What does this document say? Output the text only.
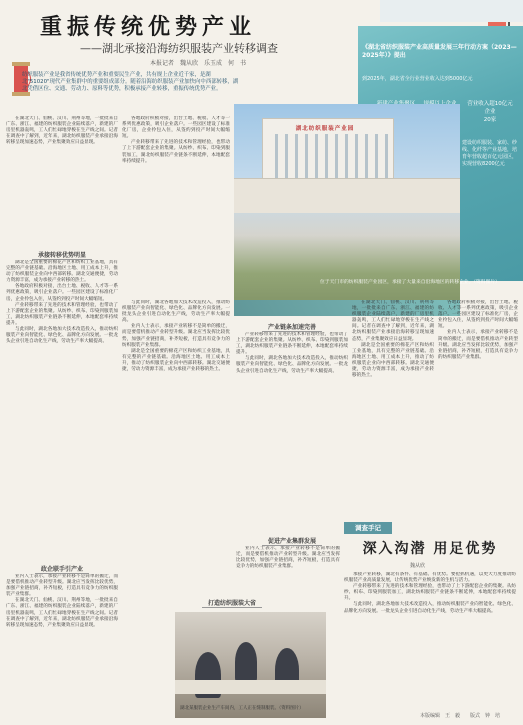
重振传统优势产业
——湖北承接沿海纺织服装产业转移调查
本报记者　魏从欣　乐玉成　何　书
纺织服装产业是我省传统优势产业和重要民生产业，共有规上企业近千家，是湖北"51020"现代产业集群中的重要组成部分。随着沿海纺织服装产业加快向中西部转移，湖北凭借区位、交通、劳动力、原料等优势，积极承接产业转移，重振传统优势产业。
《湖北省纺织服装产业高质量发展三年行动方案（2023—2025年）》提出
到2025年，湖北省全行业营业收入达到5000亿元
营业收入超10亿元企业
20家
建设纺织服装、家纺、纱线、化纤等产业基地，培育年营收超百亿元园区，实现营收8200亿元
湖北纺织服装产业园
位于天门市的纺织服装产业园区，承接了大量来自沿海地区的转移企业。（资料图片）

在湖北天门、仙桃、汉川、荆州等地，一批批来自广东、浙江、福建的纺织服装企业陆续落户，新建的厂房里机器轰鸣，工人们忙碌地穿梭在生产线之间。记者在调查中了解到，近年来，湖北纺织服装产业承接沿海转移呈现加速态势，产业集聚效应日益显现。

承接转移优势明显

湖北是全国重要的棉花产区和纺织工业基地，具有完整的产业链基础。沿海地区土地、用工成本上升，推动了纺织服装企业向中西部转移。湖北交通便捷，劳动力资源丰富，成为承接产业转移的热土。

各地政府积极对接，出台土地、税收、人才等一系列优惠政策，吸引企业落户。一些园区建设了标准化厂房，企业拎包入住，从签约到投产时间大幅缩短。

产业转移带来了先进的技术和管理经验，也带动了上下游配套企业的集聚。从纺纱、织布、印染到服装加工，湖北纺织服装产业链条不断延伸，本地配套率持续提升。

与此同时，湖北各地加大技术改造投入，推动纺织服装产业向智能化、绿色化、品牌化方向发展。一批龙头企业引进自动化生产线，劳动生产率大幅提高。

政企联手引产业

业内人士表示，承接产业转移不是简单的搬迁，而是要借机推动产业转型升级。湖北应当发挥比较优势，加强产业链招商，补齐短板，打造具有竞争力的纺织服装产业集群。

在湖北天门、仙桃、汉川、荆州等地，一批批来自广东、浙江、福建的纺织服装企业陆续落户，新建的厂房里机器轰鸣，工人们忙碌地穿梭在生产线之间。记者在调查中了解到，近年来，湖北纺织服装产业承接沿海转移呈现加速态势，产业集聚效应日益显现。

各地政府积极对接，出台土地、税收、人才等一系列优惠政策，吸引企业落户。一些园区建设了标准化厂房，企业拎包入住，从签约到投产时间大幅缩短。

产业转移带来了先进的技术和管理经验，也带动了上下游配套企业的集聚。从纺纱、织布、印染到服装加工，湖北纺织服装产业链条不断延伸，本地配套率持续提升。

与此同时，湖北各地加大技术改造投入，推动纺织服装产业向智能化、绿色化、品牌化方向发展。一批龙头企业引进自动化生产线，劳动生产率大幅提高。

业内人士表示，承接产业转移不是简单的搬迁，而是要借机推动产业转型升级。湖北应当发挥比较优势，加强产业链招商，补齐短板，打造具有竞争力的纺织服装产业集群。

湖北是全国重要的棉花产区和纺织工业基地，具有完整的产业链基础。沿海地区土地、用工成本上升，推动了纺织服装企业向中西部转移。湖北交通便捷，劳动力资源丰富，成为承接产业转移的热土。

打造纺织服装大省
产业链条加速完善

产业转移带来了先进的技术和管理经验，也带动了上下游配套企业的集聚。从纺纱、织布、印染到服装加工，湖北纺织服装产业链条不断延伸，本地配套率持续提升。

与此同时，湖北各地加大技术改造投入，推动纺织服装产业向智能化、绿色化、品牌化方向发展。一批龙头企业引进自动化生产线，劳动生产率大幅提高。

促进产业集群发展

业内人士表示，承接产业转移不是简单的搬迁，而是要借机推动产业转型升级。湖北应当发挥比较优势，加强产业链招商，补齐短板，打造具有竞争力的纺织服装产业集群。

在湖北天门、仙桃、汉川、荆州等地，一批批来自广东、浙江、福建的纺织服装企业陆续落户，新建的厂房里机器轰鸣，工人们忙碌地穿梭在生产线之间。记者在调查中了解到，近年来，湖北纺织服装产业承接沿海转移呈现加速态势，产业集聚效应日益显现。

湖北是全国重要的棉花产区和纺织工业基地，具有完整的产业链基础。沿海地区土地、用工成本上升，推动了纺织服装企业向中西部转移。湖北交通便捷，劳动力资源丰富，成为承接产业转移的热土。

各地政府积极对接，出台土地、税收、人才等一系列优惠政策，吸引企业落户。一些园区建设了标准化厂房，企业拎包入住，从签约到投产时间大幅缩短。

业内人士表示，承接产业转移不是简单的搬迁，而是要借机推动产业转型升级。湖北应当发挥比较优势，加强产业链招商，补齐短板，打造具有竞争力的纺织服装产业集群。

湖北某服装企业生产车间内，工人正在缝制服装。（资料图片）
调查手记
深入沟潜 用足优势
魏从欣

承接产业转移，湖北有条件、有基础、有优势。要抢抓机遇，以更大力度推动纺织服装产业高质量发展，让传统优势产业焕发新的生机与活力。

产业转移带来了先进的技术和管理经验，也带动了上下游配套企业的集聚。从纺纱、织布、印染到服装加工，湖北纺织服装产业链条不断延伸，本地配套率持续提升。

与此同时，湖北各地加大技术改造投入，推动纺织服装产业向智能化、绿色化、品牌化方向发展。一批龙头企业引进自动化生产线，劳动生产率大幅提高。

本版编辑　王　毅　　版式　钟　培
